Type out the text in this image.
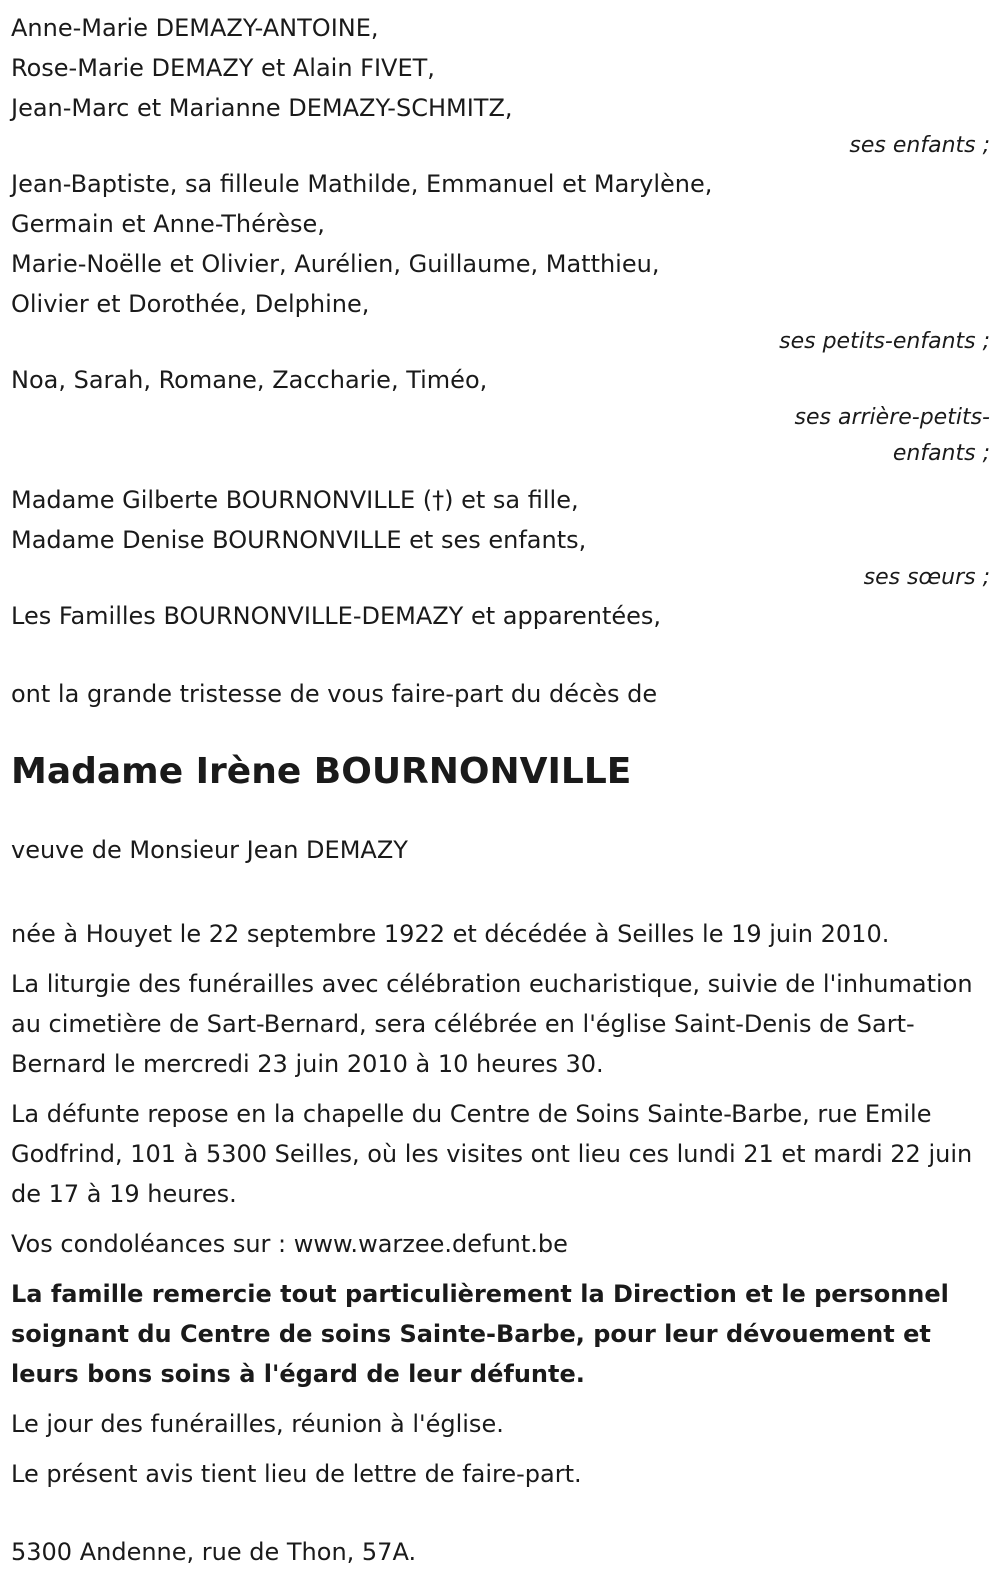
Anne-Marie DEMAZY-ANTOINE,

Rose-Marie DEMAZY et Alain FIVET,

Jean-Marc et Marianne DEMAZY-SCHMITZ,

ses enfants ;

Jean-Baptiste, sa filleule Mathilde, Emmanuel et Marylène,

Germain et Anne-Thérèse,

Marie-Noëlle et Olivier, Aurélien, Guillaume, Matthieu,

Olivier et Dorothée, Delphine,

ses petits-enfants ;

Noa, Sarah, Romane, Zaccharie, Timéo,

ses arrière-petits-

enfants ;

Madame Gilberte BOURNONVILLE (†) et sa fille,

Madame Denise BOURNONVILLE et ses enfants,

ses sœurs ;

Les Familles BOURNONVILLE-DEMAZY et apparentées,

ont la grande tristesse de vous faire-part du décès de

Madame Irène BOURNONVILLE

veuve de Monsieur Jean DEMAZY

née à Houyet le 22 septembre 1922 et décédée à Seilles le 19 juin 2010.

La liturgie des funérailles avec célébration eucharistique, suivie de l'inhumation au cimetière de Sart-Bernard, sera célébrée en l'église Saint-Denis de Sart-Bernard le mercredi 23 juin 2010 à 10 heures 30.

La défunte repose en la chapelle du Centre de Soins Sainte-Barbe, rue Emile Godfrind, 101 à 5300 Seilles, où les visites ont lieu ces lundi 21 et mardi 22 juin de 17 à 19 heures.

Vos condoléances sur : www.warzee.defunt.be

La famille remercie tout particulièrement la Direction et le personnel soignant du Centre de soins Sainte-Barbe, pour leur dévouement et leurs bons soins à l'égard de leur défunte.

Le jour des funérailles, réunion à l'église.

Le présent avis tient lieu de lettre de faire-part.

5300 Andenne, rue de Thon, 57A.
